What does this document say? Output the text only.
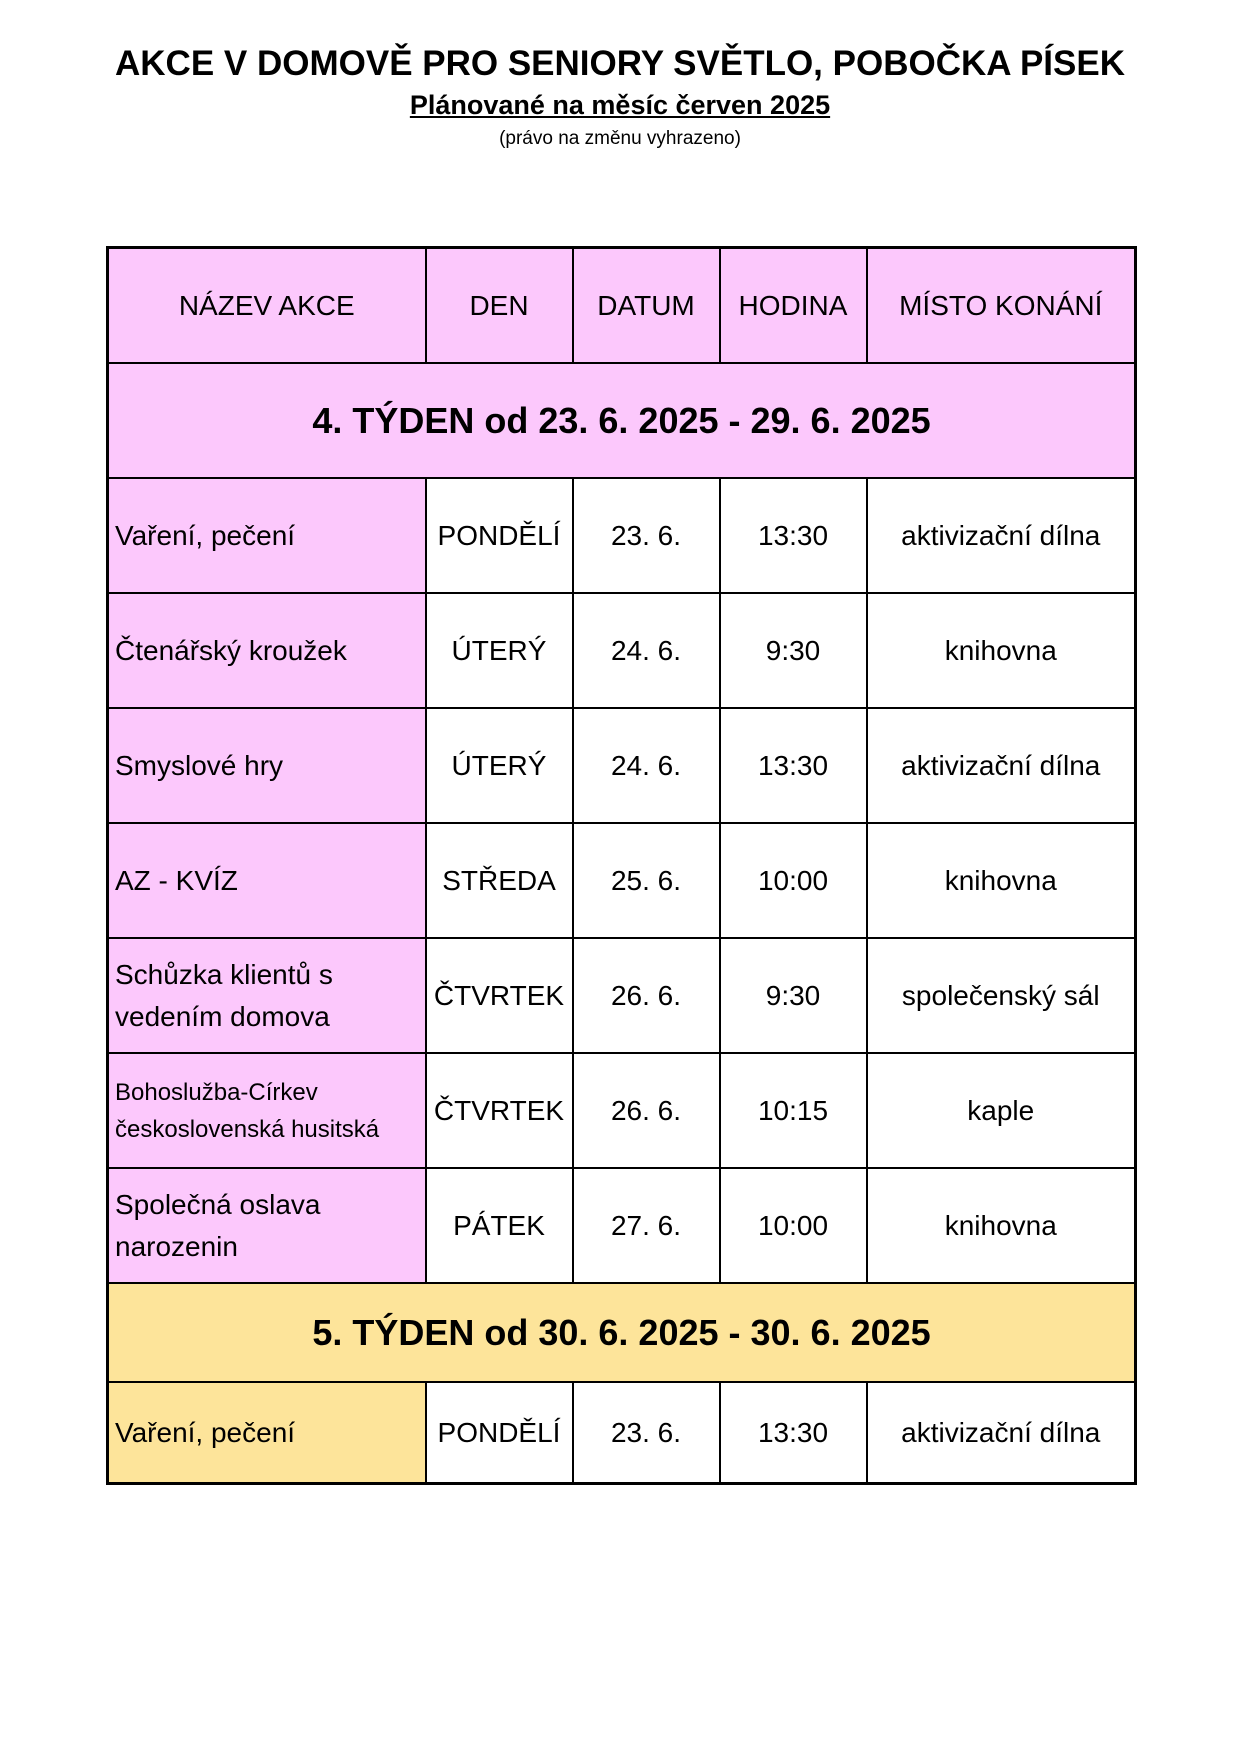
AKCE V DOMOVĚ PRO SENIORY SVĚTLO, POBOČKA PÍSEK
Plánované na měsíc červen 2025
(právo na změnu vyhrazeno)
NÁZEV AKCE	DEN	DATUM	HODINA	MÍSTO KONÁNÍ
4. TÝDEN od 23. 6. 2025 - 29. 6. 2025				
Vaření, pečení	PONDĚLÍ	23. 6.	13:30	aktivizační dílna
Čtenářský kroužek	ÚTERÝ	24. 6.	9:30	knihovna
Smyslové hry	ÚTERÝ	24. 6.	13:30	aktivizační dílna
AZ - KVÍZ	STŘEDA	25. 6.	10:00	knihovna
Schůzka klientů s vedením domova	ČTVRTEK	26. 6.	9:30	společenský sál
Bohoslužba-Církev československá husitská	ČTVRTEK	26. 6.	10:15	kaple
Společná oslava narozenin	PÁTEK	27. 6.	10:00	knihovna
5. TÝDEN od 30. 6. 2025 - 30. 6. 2025				
Vaření, pečení	PONDĚLÍ	23. 6.	13:30	aktivizační dílna
